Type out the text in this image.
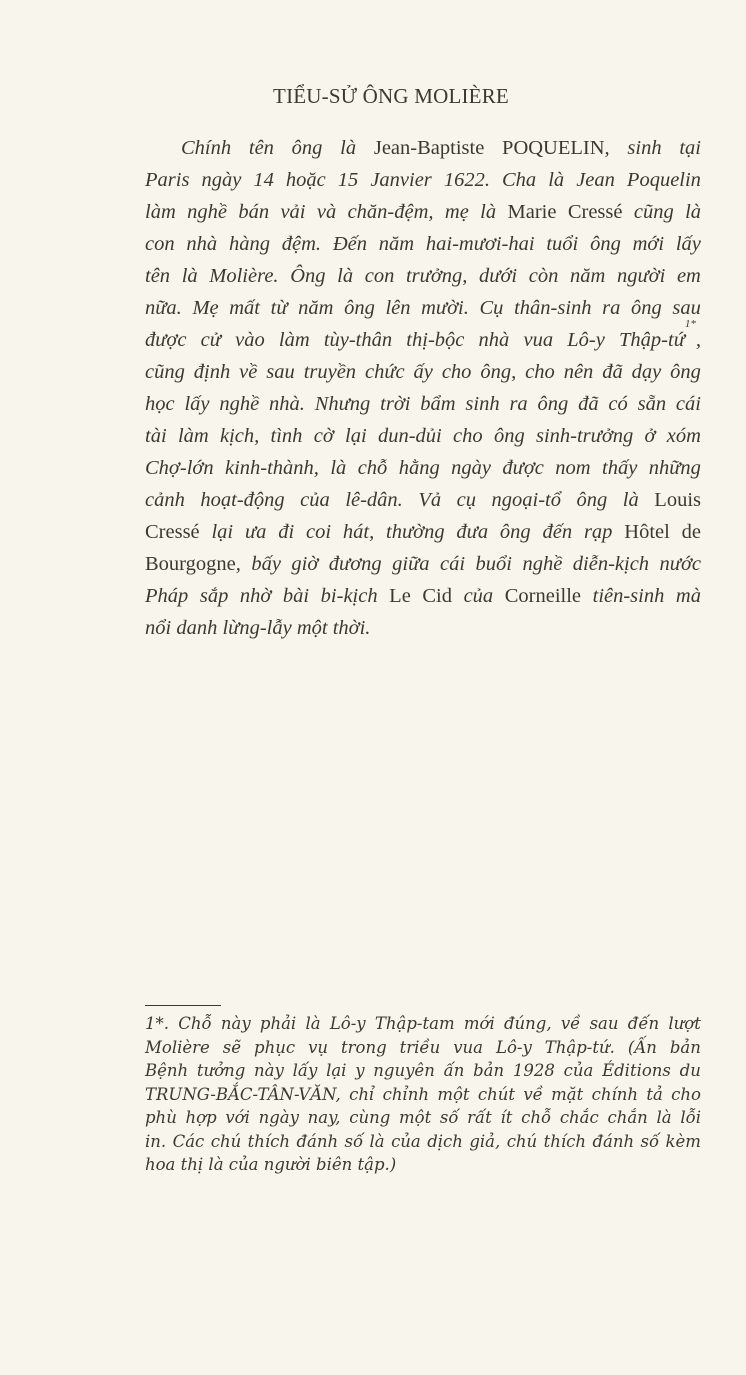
TIỂU-SỬ ÔNG MOLIÈRE
Chính tên ông là Jean-Baptiste POQUELIN , sinh tại
Paris ngày 14 hoặc 15 Janvier 1622. Cha là Jean Poquelin
làm nghề bán vải và chăn-đệm, mẹ là Marie Cressé cũng là
con nhà hàng đệm. Đến năm hai-mươi-hai tuổi ông mới lấy
tên là Molière. Ông là con trưởng, dưới còn năm người em
nữa. Mẹ mất từ năm ông lên mười. Cụ thân-sinh ra ông sau
được cử vào làm tùy-thân thị-bộc nhà vua Lô-y Thập-tứ
1*
,
cũng định về sau truyền chức ấy cho ông, cho nên đã dạy ông
học lấy nghề nhà. Nhưng trời bẩm sinh ra ông đã có sẵn cái
tài làm kịch, tình cờ lại dun-dủi cho ông sinh-trưởng ở xóm
Chợ-lớn kinh-thành, là chỗ hằng ngày được nom thấy những
cảnh hoạt-động của lê-dân. Vả cụ ngoại-tổ ông là Louis
Cressé lại ưa đi coi hát, thường đưa ông đến rạp Hôtel de
Bourgogne , bấy giờ đương giữa cái buổi nghề diễn-kịch nước
Pháp sắp nhờ bài bi-kịch Le Cid của Corneille tiên-sinh mà
nổi danh lừng-lẫy một thời.
1*. Chỗ này phải là Lô-y Thập-tam mới đúng, về sau đến lượt
Molière sẽ phục vụ trong triều vua Lô-y Thập-tứ. (Ấn bản
Bệnh tưởng này lấy lại y nguyên ấn bản 1928 của Éditions du
TRUNG-BẮC-TÂN-VĂN, chỉ chỉnh một chút về mặt chính tả cho
phù hợp với ngày nay, cùng một số rất ít chỗ chắc chắn là lỗi
in. Các chú thích đánh số là của dịch giả, chú thích đánh số kèm
hoa thị là của người biên tập.)
